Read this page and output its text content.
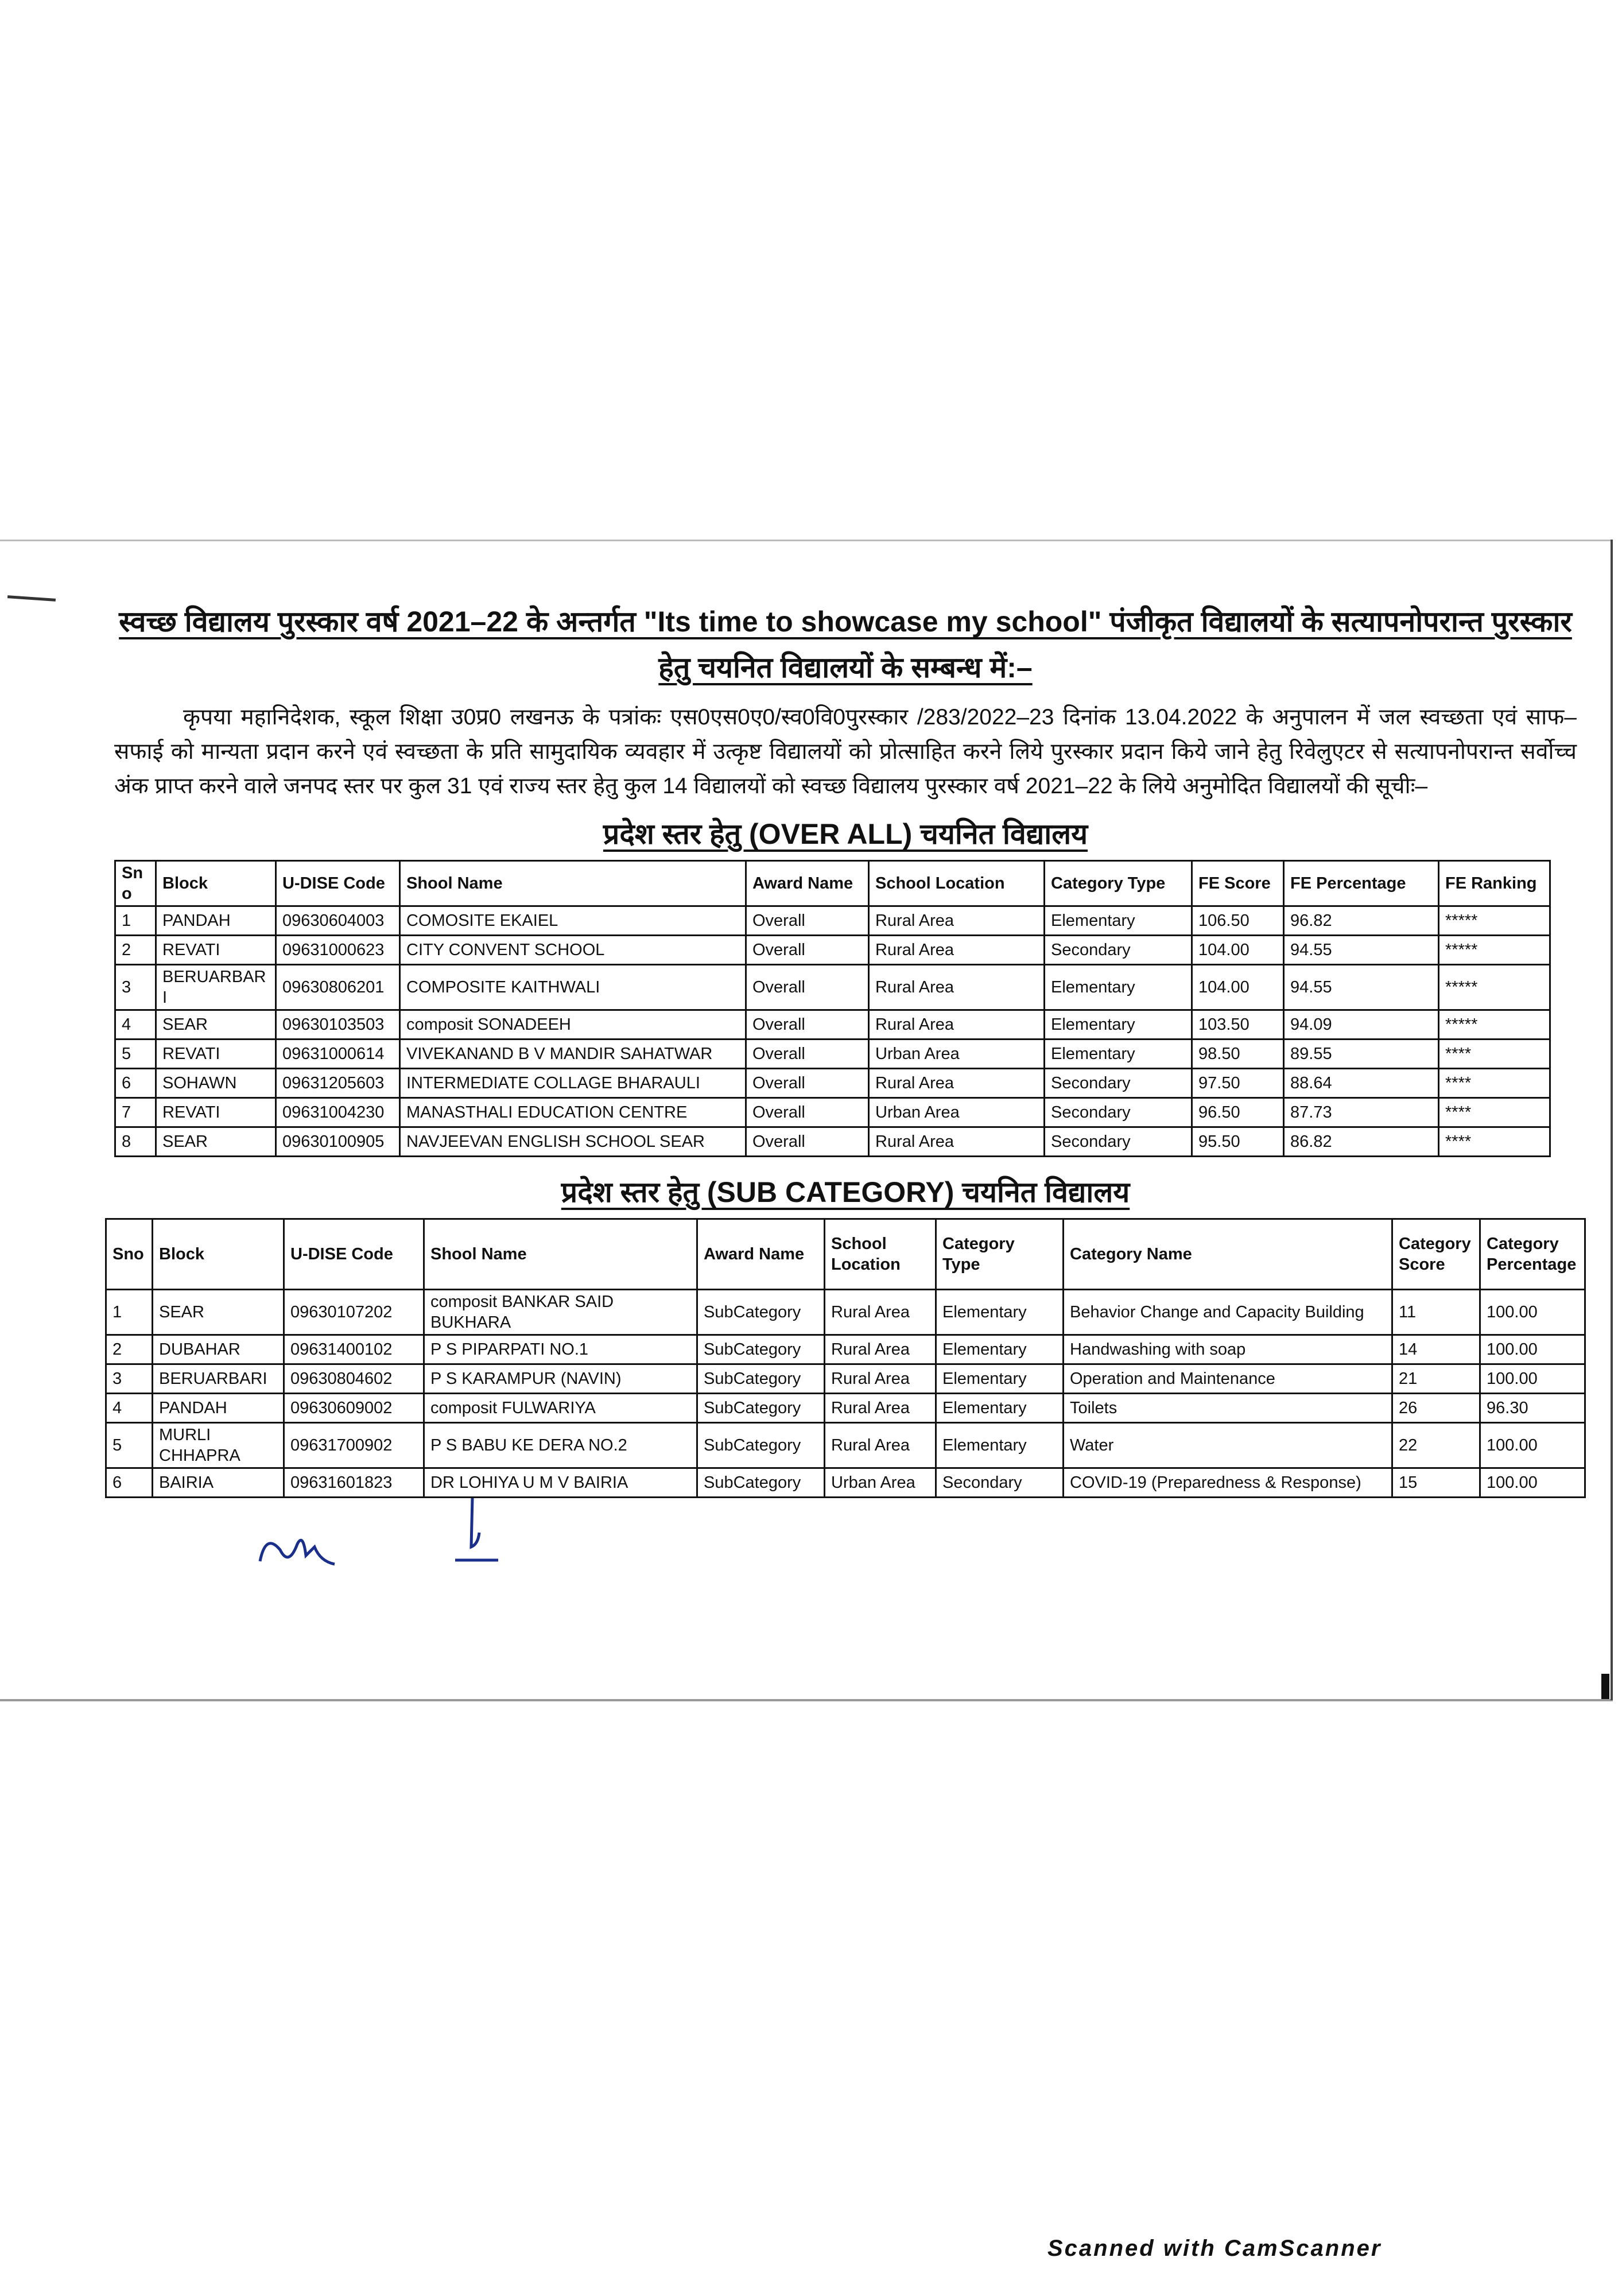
स्वच्छ विद्यालय पुरस्कार वर्ष 2021–22 के अन्तर्गत "Its time to showcase my school" पंजीकृत विद्यालयों के सत्यापनोपरान्त पुरस्कार
हेतु चयनित विद्यालयों के सम्बन्ध में:–
कृपया महानिदेशक, स्कूल शिक्षा उ0प्र0 लखनऊ के पत्रांकः एस0एस0ए0/स्व0वि0पुरस्कार /283/2022–23 दिनांक 13.04.2022 के अनुपालन में जल स्वच्छता एवं साफ–सफाई को मान्यता प्रदान करने एवं स्वच्छता के प्रति सामुदायिक व्यवहार में उत्कृष्ट विद्यालयों को प्रोत्साहित करने लिये पुरस्कार प्रदान किये जाने हेतु रिवेलुएटर से सत्यापनोपरान्त सर्वोच्च अंक प्राप्त करने वाले जनपद स्तर पर कुल 31 एवं राज्य स्तर हेतु कुल 14 विद्यालयों को स्वच्छ विद्यालय पुरस्कार वर्ष 2021–22 के लिये अनुमोदित विद्यालयों की सूचीः–
प्रदेश स्तर हेतु (OVER ALL) चयनित विद्यालय
Sno	Block	U-DISE Code	Shool Name	Award Name	School Location	Category Type	FE Score	FE Percentage	FE Ranking
1	PANDAH	09630604003	COMOSITE EKAIEL	Overall	Rural Area	Elementary	106.50	96.82	*****
2	REVATI	09631000623	CITY CONVENT SCHOOL	Overall	Rural Area	Secondary	104.00	94.55	*****
3	BERUARBARI	09630806201	COMPOSITE KAITHWALI	Overall	Rural Area	Elementary	104.00	94.55	*****
4	SEAR	09630103503	composit SONADEEH	Overall	Rural Area	Elementary	103.50	94.09	*****
5	REVATI	09631000614	VIVEKANAND B V MANDIR SAHATWAR	Overall	Urban Area	Elementary	98.50	89.55	****
6	SOHAWN	09631205603	INTERMEDIATE COLLAGE BHARAULI	Overall	Rural Area	Secondary	97.50	88.64	****
7	REVATI	09631004230	MANASTHALI EDUCATION CENTRE	Overall	Urban Area	Secondary	96.50	87.73	****
8	SEAR	09630100905	NAVJEEVAN ENGLISH SCHOOL SEAR	Overall	Rural Area	Secondary	95.50	86.82	****
प्रदेश स्तर हेतु (SUB CATEGORY) चयनित विद्यालय
Sno	Block	U-DISE Code	Shool Name	Award Name	School Location	Category Type	Category Name	Category Score	Category Percentage
1	SEAR	09630107202	composit BANKAR SAID BUKHARA	SubCategory	Rural Area	Elementary	Behavior Change and Capacity Building	11	100.00
2	DUBAHAR	09631400102	P S PIPARPATI NO.1	SubCategory	Rural Area	Elementary	Handwashing with soap	14	100.00
3	BERUARBARI	09630804602	P S KARAMPUR (NAVIN)	SubCategory	Rural Area	Elementary	Operation and Maintenance	21	100.00
4	PANDAH	09630609002	composit FULWARIYA	SubCategory	Rural Area	Elementary	Toilets	26	96.30
5	MURLI CHHAPRA	09631700902	P S BABU KE DERA NO.2	SubCategory	Rural Area	Elementary	Water	22	100.00
6	BAIRIA	09631601823	DR LOHIYA U M V BAIRIA	SubCategory	Urban Area	Secondary	COVID-19 (Preparedness & Response)	15	100.00
Scanned with CamScanner
